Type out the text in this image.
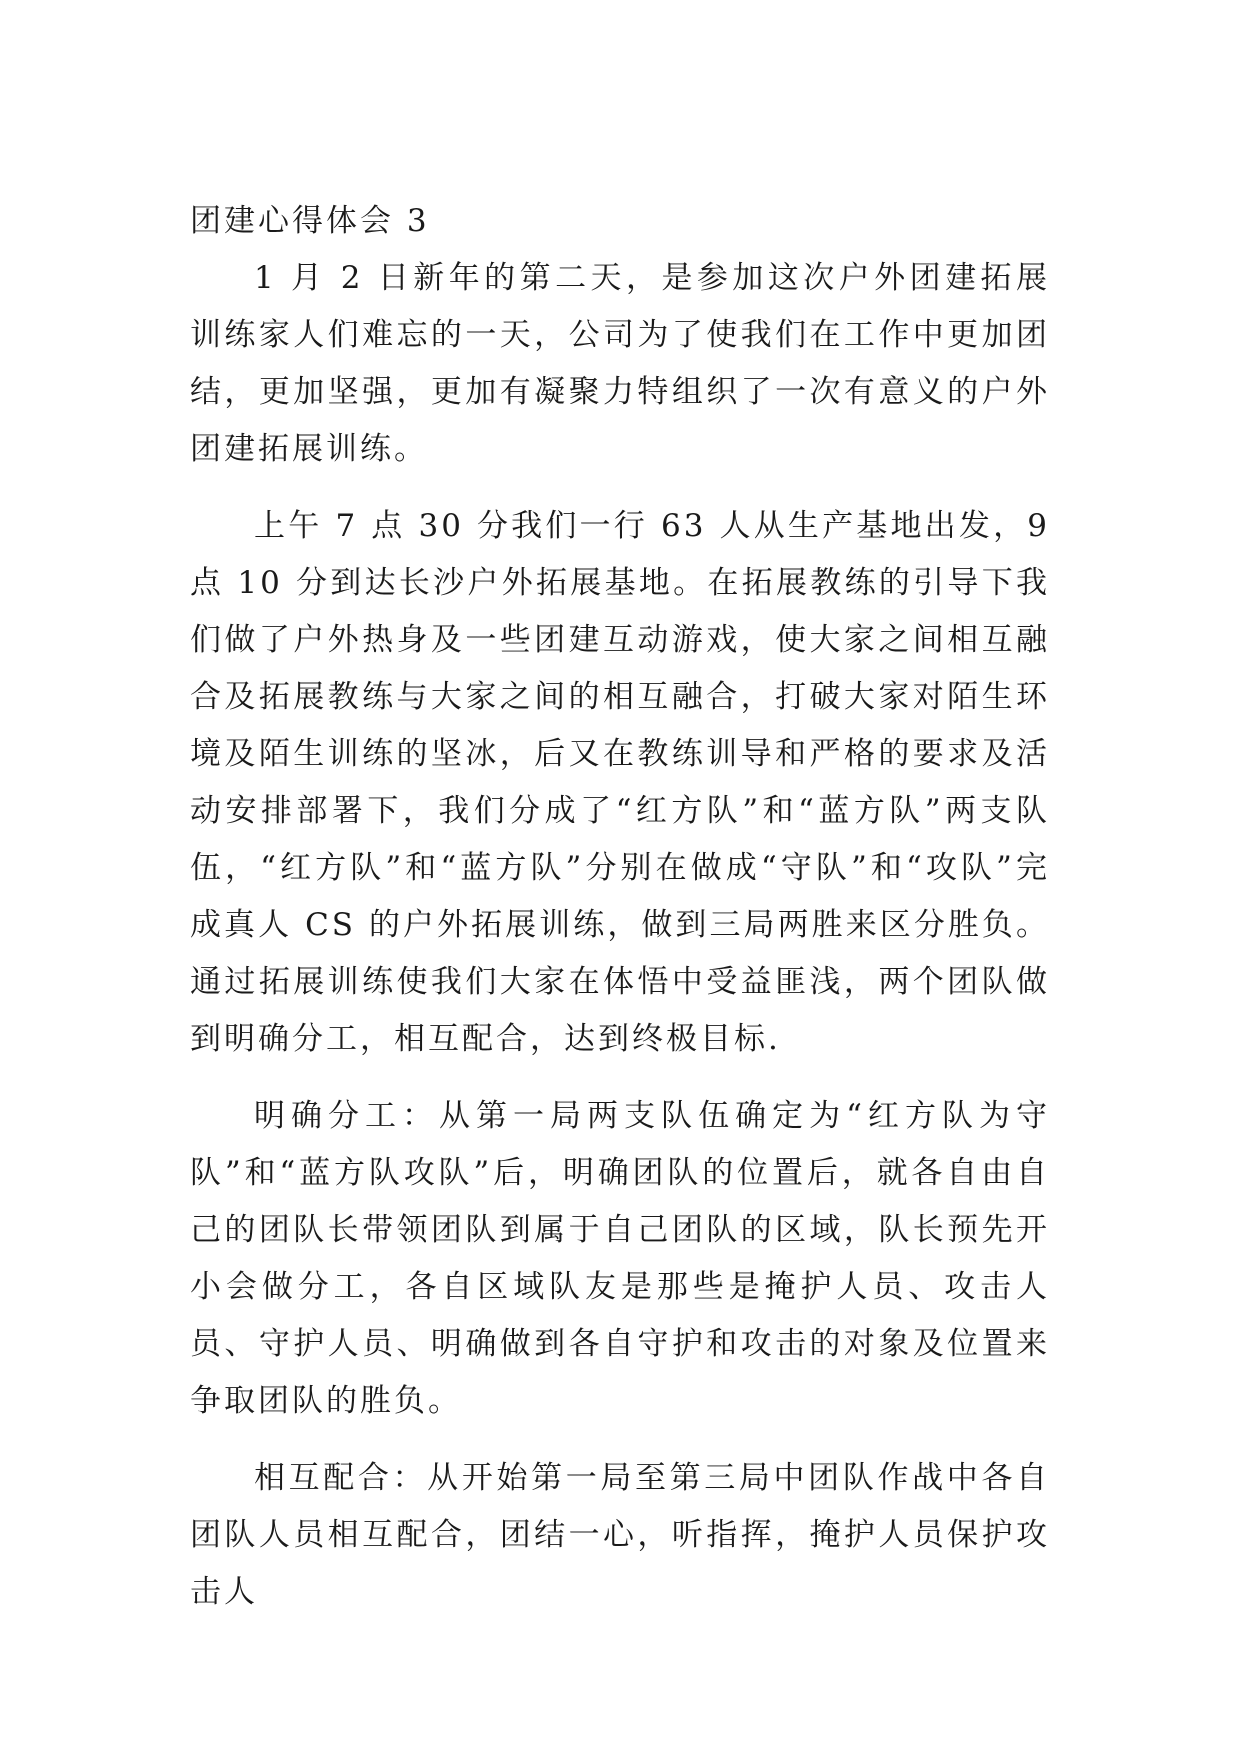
团建心得体会 3

1 月 2 日新年的第二天，是参加这次户外团建拓展训练家人们难忘的一天，公司为了使我们在工作中更加团结，更加坚强，更加有凝聚力特组织了一次有意义的户外团建拓展训练。

上午 7 点 30 分我们一行 63 人从生产基地出发，9 点 10 分到达长沙户外拓展基地。在拓展教练的引导下我们做了户外热身及一些团建互动游戏，使大家之间相互融合及拓展教练与大家之间的相互融合，打破大家对陌生环境及陌生训练的坚冰，后又在教练训导和严格的要求及活动安排部署下，我们分成了“红方队”和“蓝方队”两支队伍，“红方队”和“蓝方队”分别在做成“守队”和“攻队”完成真人 CS 的户外拓展训练，做到三局两胜来区分胜负。通过拓展训练使我们大家在体悟中受益匪浅，两个团队做到明确分工，相互配合，达到终极目标.

明确分工：从第一局两支队伍确定为“红方队为守队”和“蓝方队攻队”后，明确团队的位置后，就各自由自己的团队长带领团队到属于自己团队的区域，队长预先开小会做分工，各自区域队友是那些是掩护人员、攻击人员、守护人员、明确做到各自守护和攻击的对象及位置来争取团队的胜负。

相互配合：从开始第一局至第三局中团队作战中各自团队人员相互配合，团结一心，听指挥，掩护人员保护攻击人
